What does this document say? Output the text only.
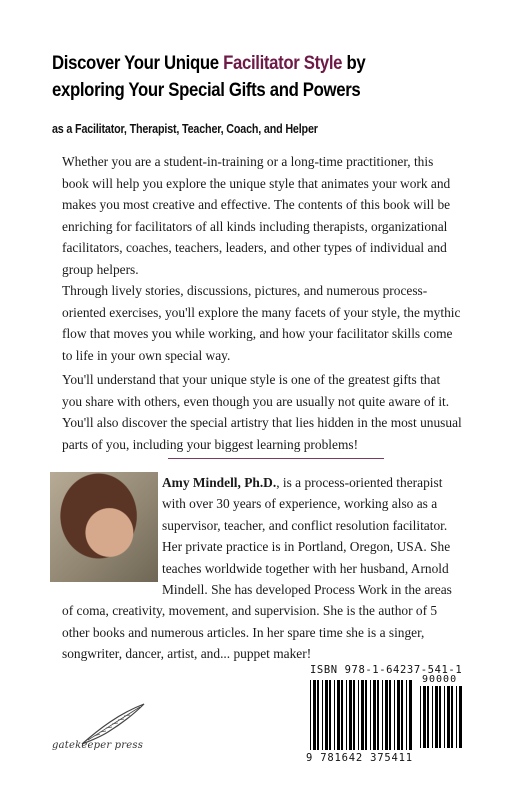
Discover Your Unique Facilitator Style by
exploring Your Special Gifts and Powers
as a Facilitator, Therapist, Teacher, Coach, and Helper

Whether you are a student-in-training or a long-time practitioner, this book will help you explore the unique style that animates your work and makes you most creative and effective. The contents of this book will be enriching for facilitators of all kinds including therapists, organizational facilitators, coaches, teachers, leaders, and other types of individual and group helpers.

Through lively stories, discussions, pictures, and numerous process-oriented exercises, you'll explore the many facets of your style, the mythic flow that moves you while working, and how your facilitator skills come to life in your own special way.

You'll understand that your unique style is one of the greatest gifts that you share with others, even though you are usually not quite aware of it. You'll also discover the special artistry that lies hidden in the most unusual parts of you, including your biggest learning problems!

Amy Mindell, Ph.D., is a process-oriented therapist with over 30 years of experience, working also as a supervisor, teacher, and conflict resolution facilitator. Her private practice is in Portland, Oregon, USA. She teaches worldwide together with her husband, Arnold Mindell. She has developed Process Work in the areas of coma, creativity, movement, and supervision. She is the author of 5 other books and numerous articles. In her spare time she is a singer, songwriter, dancer, artist, and... puppet maker!
gatekeeper press
ISBN 978-1-64237-541-1
90000
9 781642 375411
